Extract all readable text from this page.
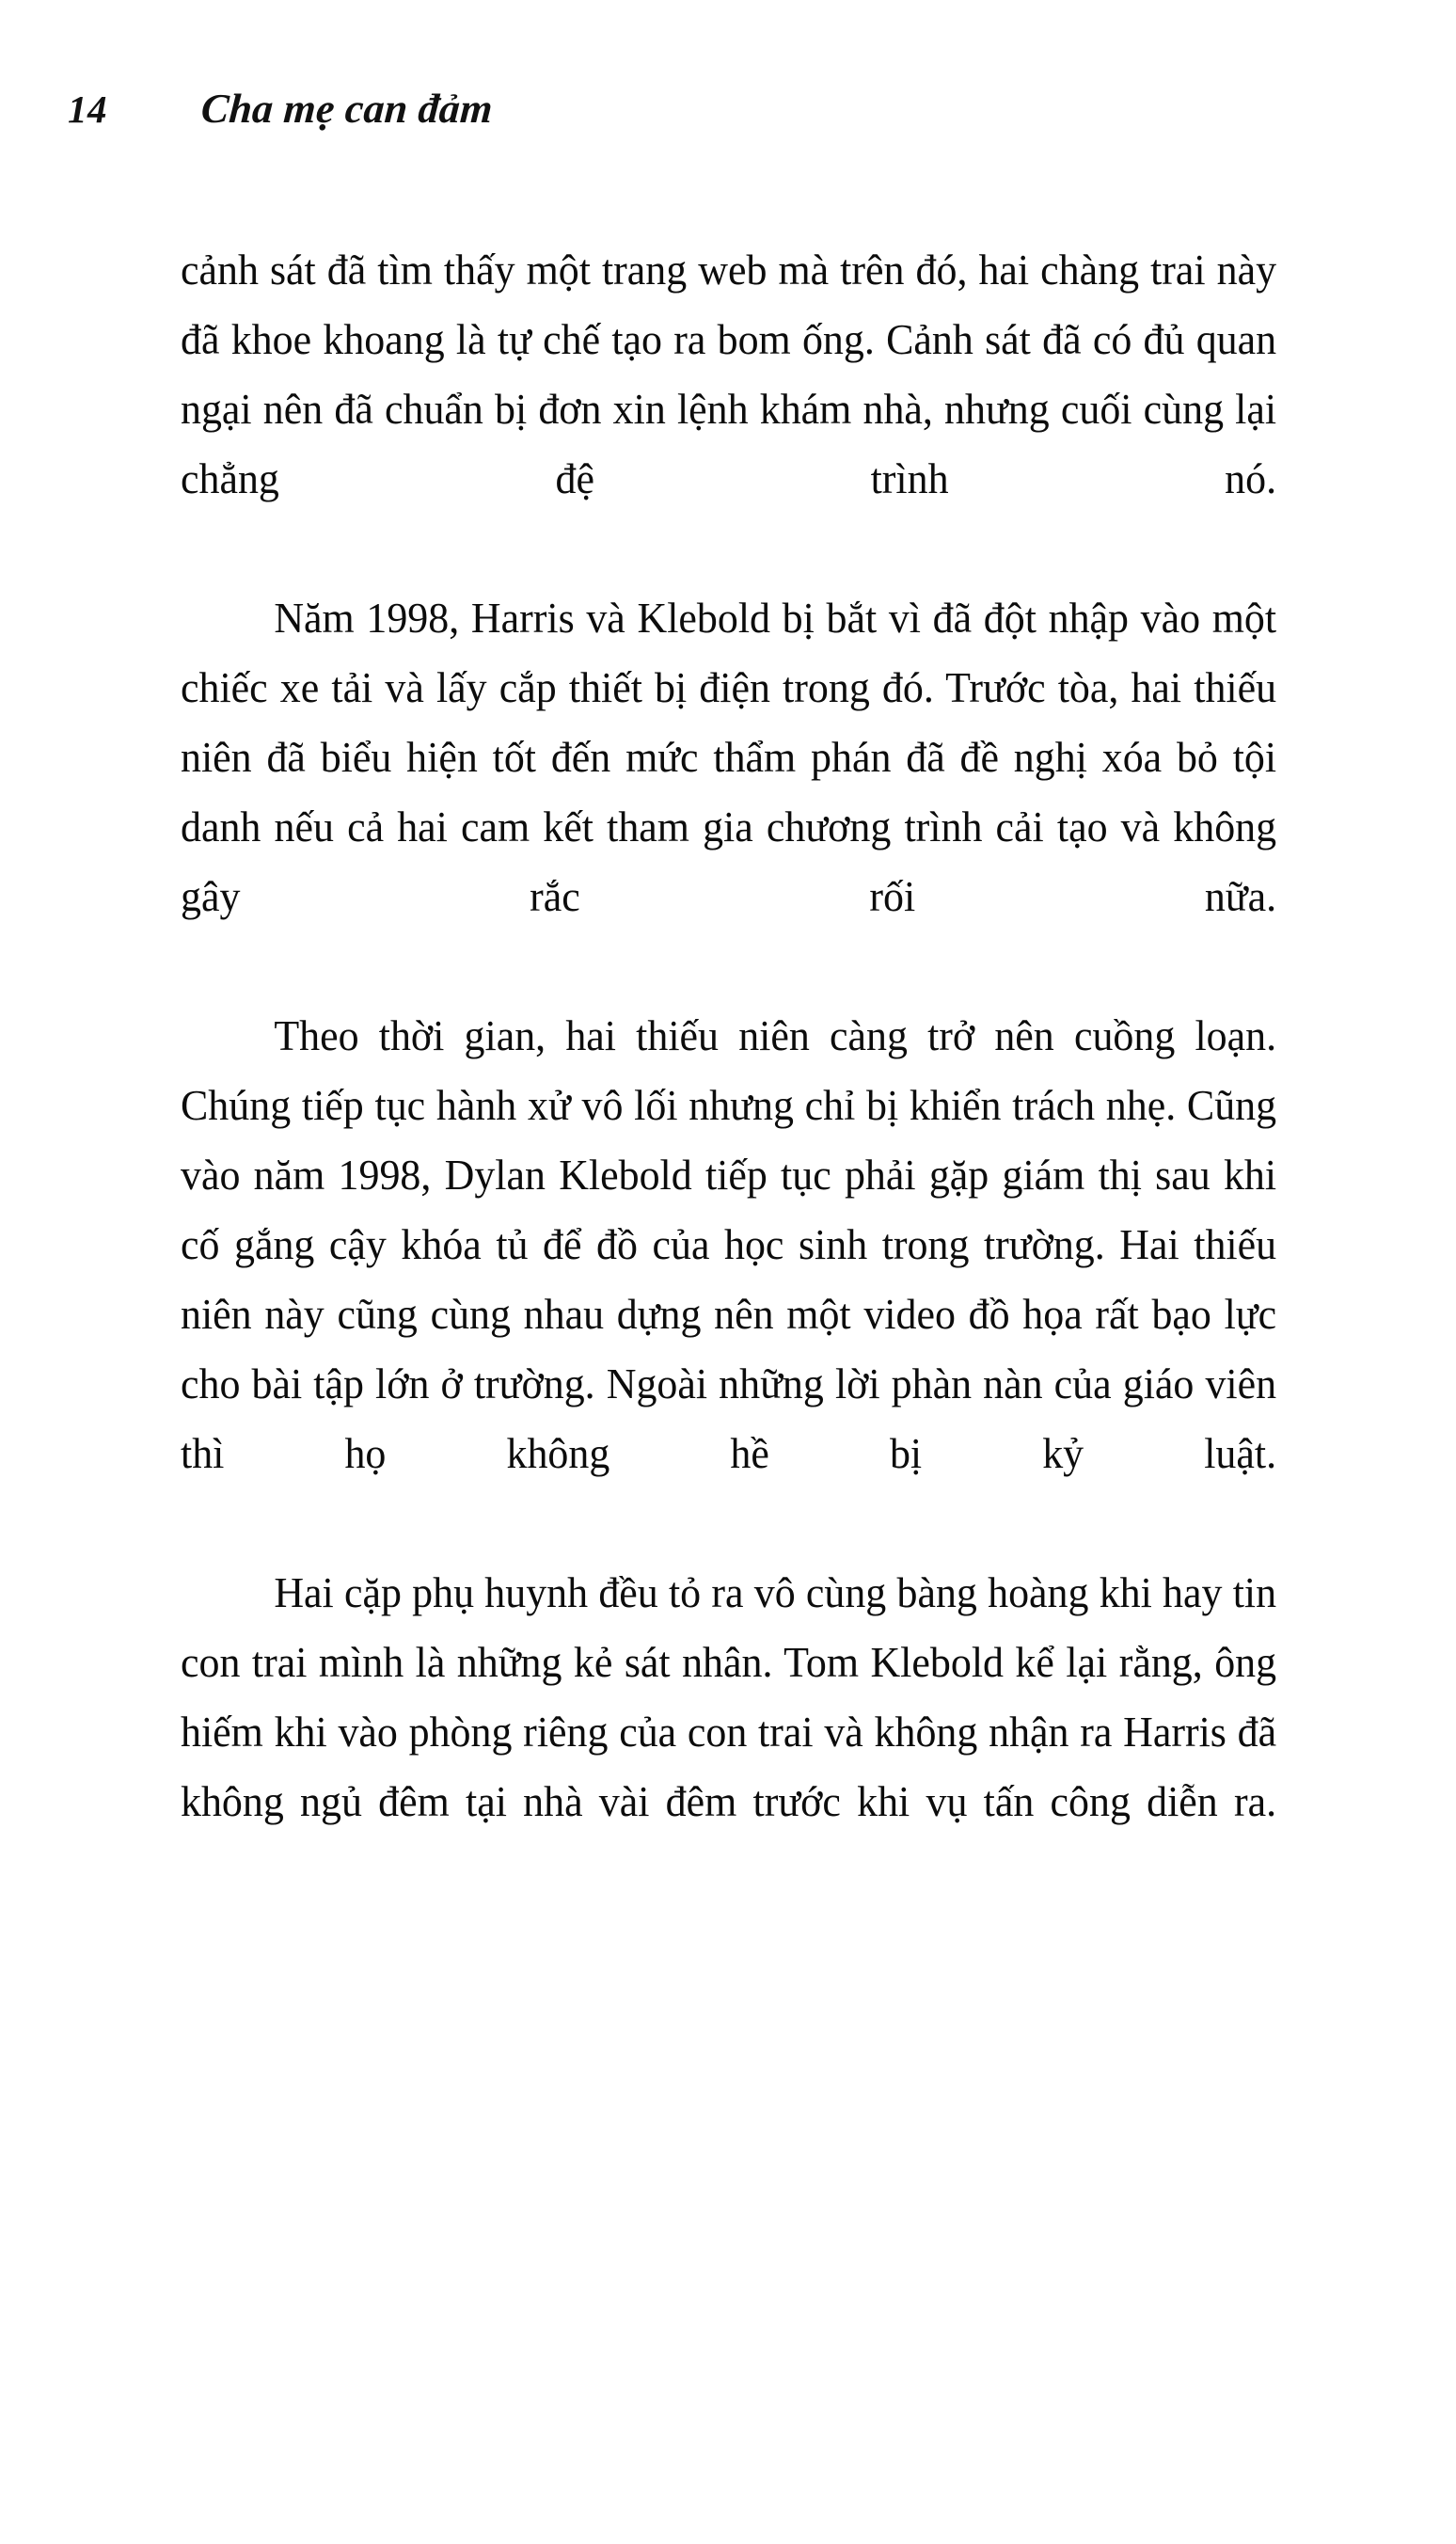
14 Cha mẹ can đảm

cảnh sát đã tìm thấy một trang web mà trên đó, hai chàng trai này đã khoe khoang là tự chế tạo ra bom ống. Cảnh sát đã có đủ quan ngại nên đã chuẩn bị đơn xin lệnh khám nhà, nhưng cuối cùng lại chẳng đệ trình nó.

Năm 1998, Harris và Klebold bị bắt vì đã đột nhập vào một chiếc xe tải và lấy cắp thiết bị điện trong đó. Trước tòa, hai thiếu niên đã biểu hiện tốt đến mức thẩm phán đã đề nghị xóa bỏ tội danh nếu cả hai cam kết tham gia chương trình cải tạo và không gây rắc rối nữa.

Theo thời gian, hai thiếu niên càng trở nên cuồng loạn. Chúng tiếp tục hành xử vô lối nhưng chỉ bị khiển trách nhẹ. Cũng vào năm 1998, Dylan Klebold tiếp tục phải gặp giám thị sau khi cố gắng cậy khóa tủ để đồ của học sinh trong trường. Hai thiếu niên này cũng cùng nhau dựng nên một video đồ họa rất bạo lực cho bài tập lớn ở trường. Ngoài những lời phàn nàn của giáo viên thì họ không hề bị kỷ luật.

Hai cặp phụ huynh đều tỏ ra vô cùng bàng hoàng khi hay tin con trai mình là những kẻ sát nhân. Tom Klebold kể lại rằng, ông hiếm khi vào phòng riêng của con trai và không nhận ra Harris đã không ngủ đêm tại nhà vài đêm trước khi vụ tấn công diễn ra.
